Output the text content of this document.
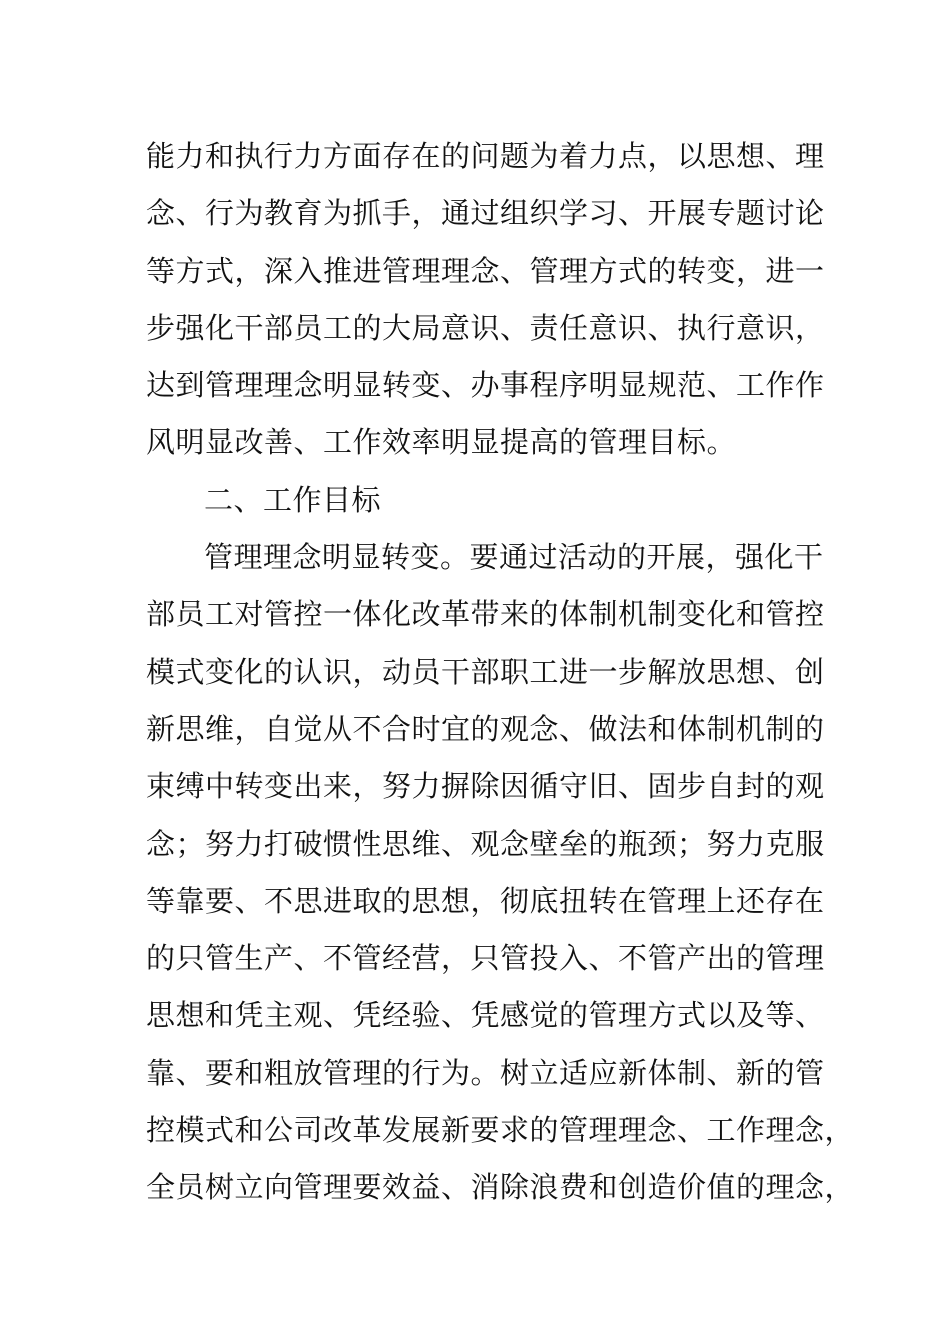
能力和执行力方面存在的问题为着力点，以思想、理
念、行为教育为抓手，通过组织学习、开展专题讨论
等方式，深入推进管理理念、管理方式的转变，进一
步强化干部员工的大局意识、责任意识、执行意识，
达到管理理念明显转变、办事程序明显规范、工作作
风明显改善、工作效率明显提高的管理目标。
二、工作目标
管理理念明显转变。要通过活动的开展，强化干
部员工对管控一体化改革带来的体制机制变化和管控
模式变化的认识，动员干部职工进一步解放思想、创
新思维，自觉从不合时宜的观念、做法和体制机制的
束缚中转变出来，努力摒除因循守旧、固步自封的观
念；努力打破惯性思维、观念壁垒的瓶颈；努力克服
等靠要、不思进取的思想，彻底扭转在管理上还存在
的只管生产、不管经营，只管投入、不管产出的管理
思想和凭主观、凭经验、凭感觉的管理方式以及等、
靠、要和粗放管理的行为。树立适应新体制、新的管
控模式和公司改革发展新要求的管理理念、工作理念，
全员树立向管理要效益、消除浪费和创造价值的理念，
